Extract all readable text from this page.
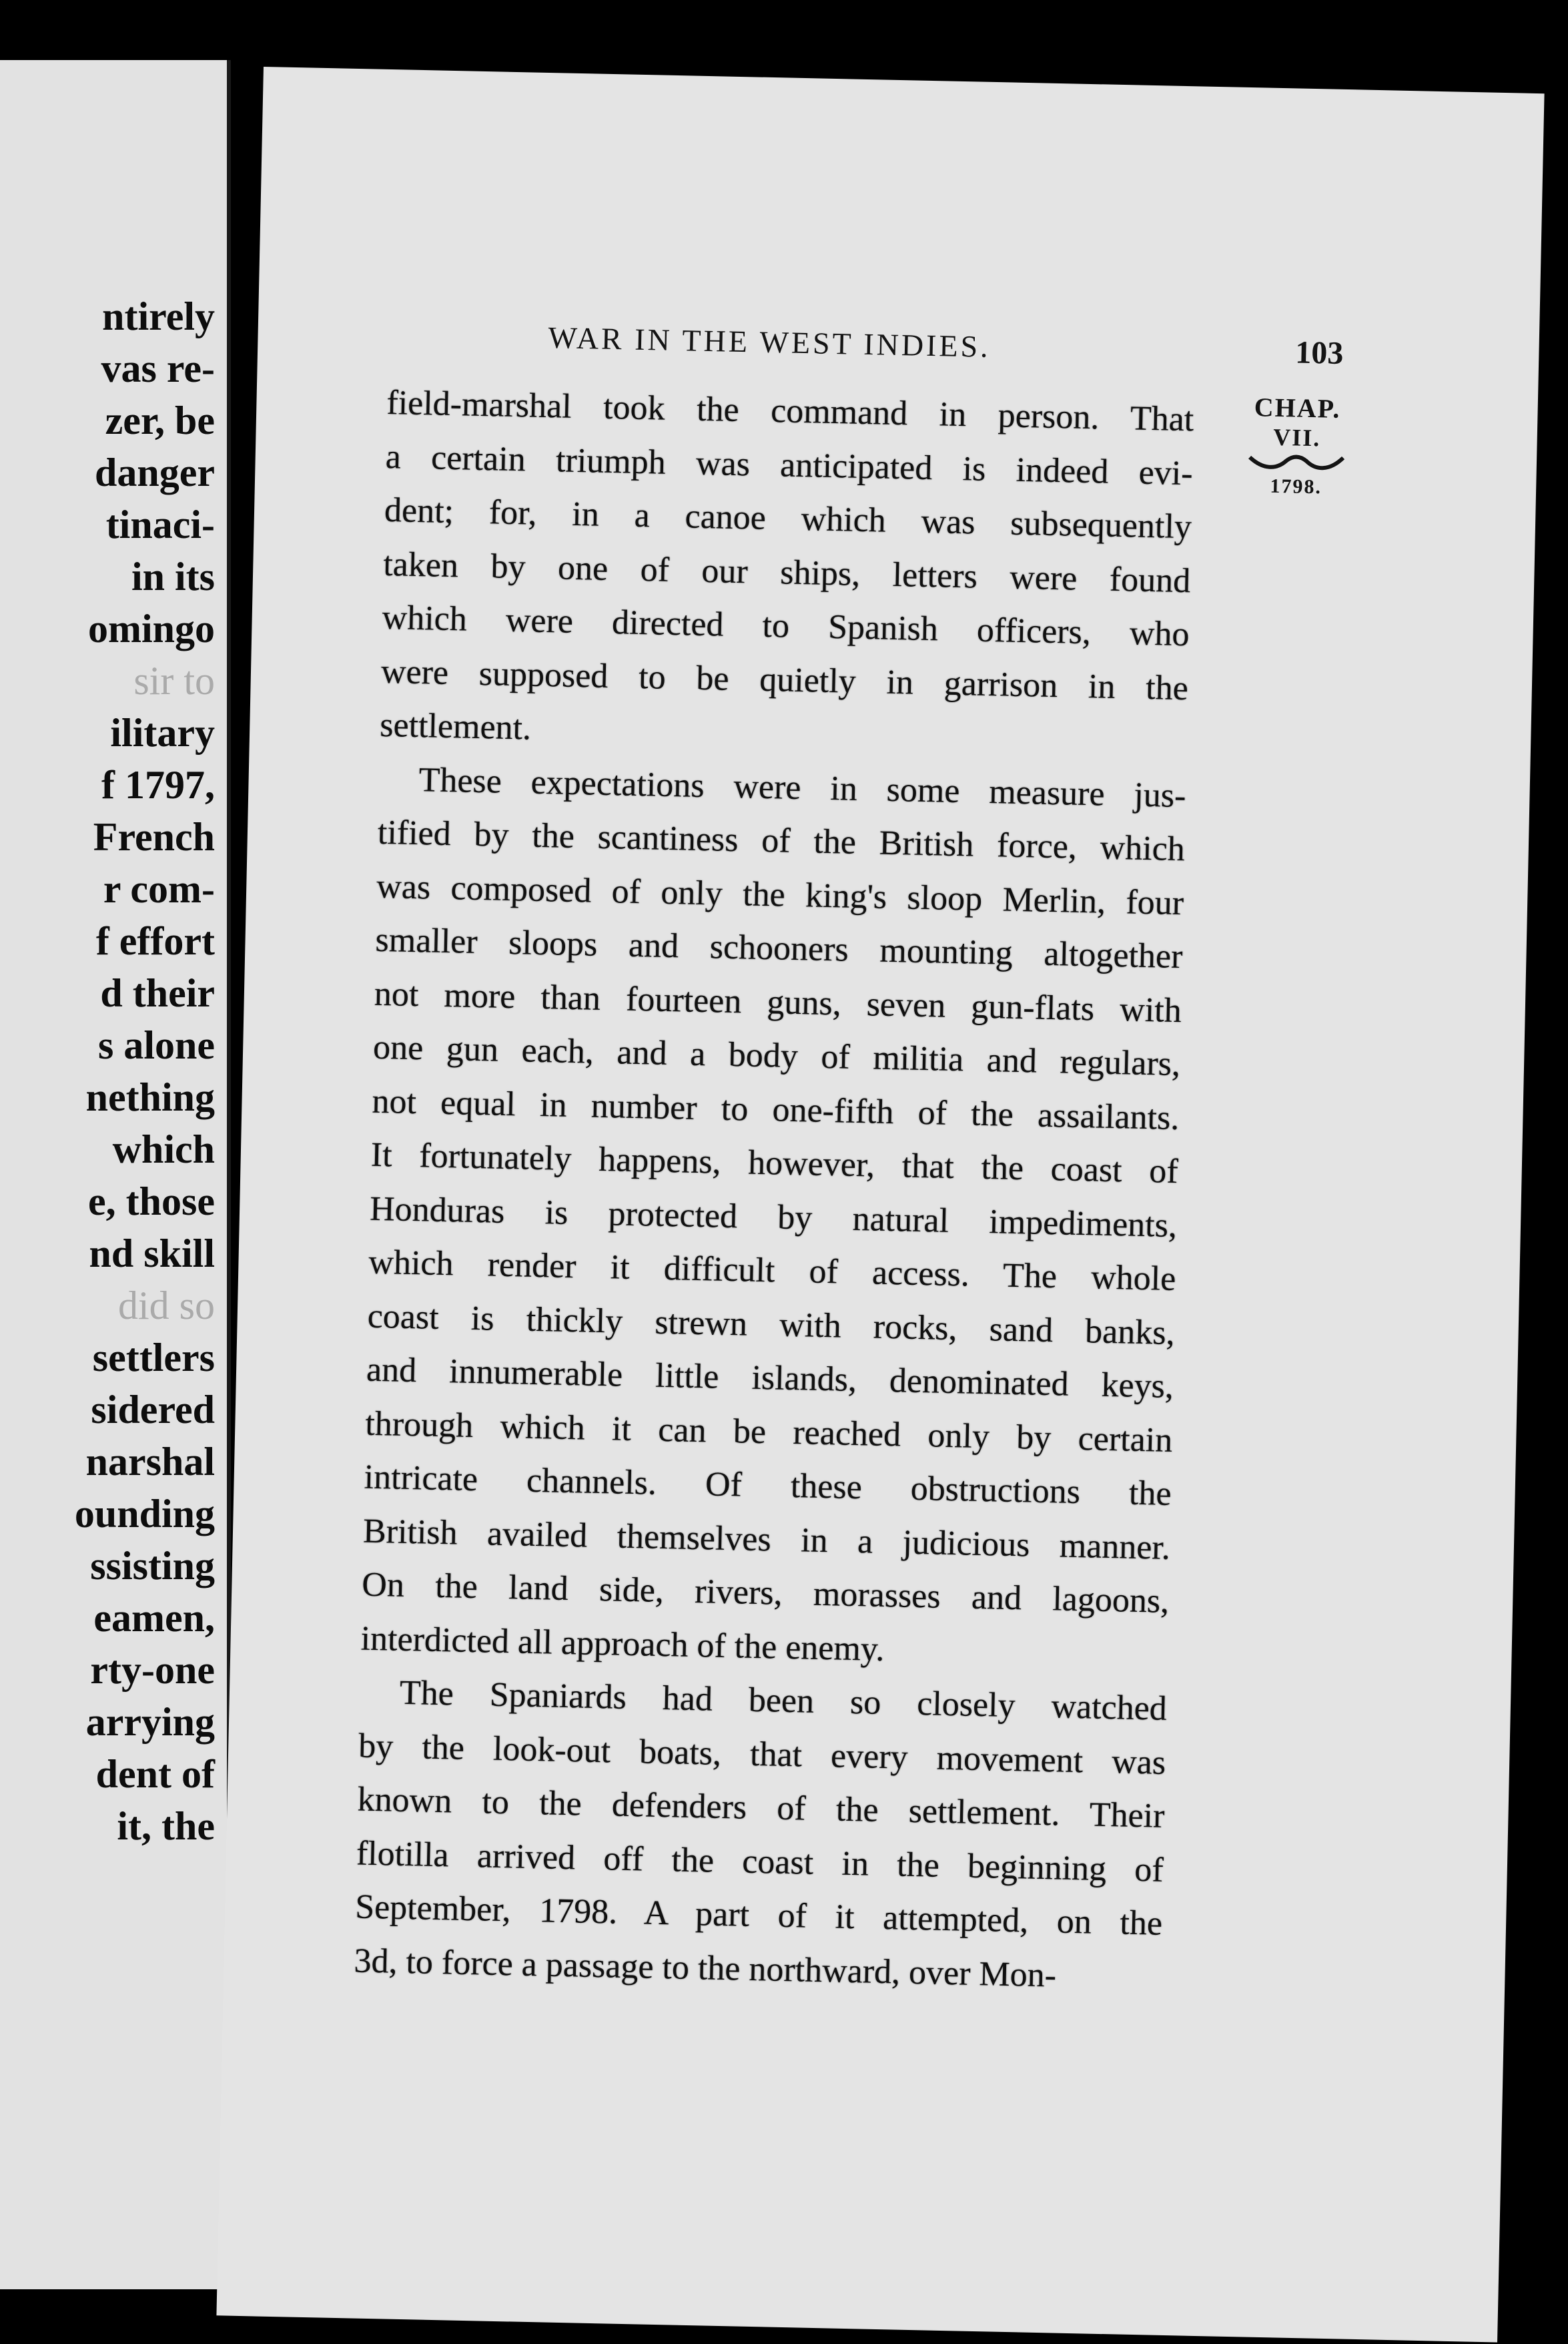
ntirely
vas re-
zer, be
danger
tinaci-
in its
omingo
sir to
ilitary
f 1797,
French
r com-
f effort
d their
s alone
nething
which
e, those
nd skill
did so
settlers
sidered
narshal
ounding
ssisting
eamen,
rty-one
arrying
dent of
it, the
WAR IN THE WEST INDIES.	103
CHAP.
VII.
1798.
field-marshal took the command in person. That
a certain triumph was anticipated is indeed evi-
dent; for, in a canoe which was subsequently
taken by one of our ships, letters were found
which were directed to Spanish officers, who
were supposed to be quietly in garrison in the
settlement.
These expectations were in some measure jus-
tified by the scantiness of the British force, which
was composed of only the king's sloop Merlin, four
smaller sloops and schooners mounting altogether
not more than fourteen guns, seven gun-flats with
one gun each, and a body of militia and regulars,
not equal in number to one-fifth of the assailants.
It fortunately happens, however, that the coast of
Honduras is protected by natural impediments,
which render it difficult of access. The whole
coast is thickly strewn with rocks, sand banks,
and innumerable little islands, denominated keys,
through which it can be reached only by certain
intricate channels. Of these obstructions the
British availed themselves in a judicious manner.
On the land side, rivers, morasses and lagoons,
interdicted all approach of the enemy.
The Spaniards had been so closely watched
by the look-out boats, that every movement was
known to the defenders of the settlement. Their
flotilla arrived off the coast in the beginning of
September, 1798. A part of it attempted, on the
3d, to force a passage to the northward, over Mon-
